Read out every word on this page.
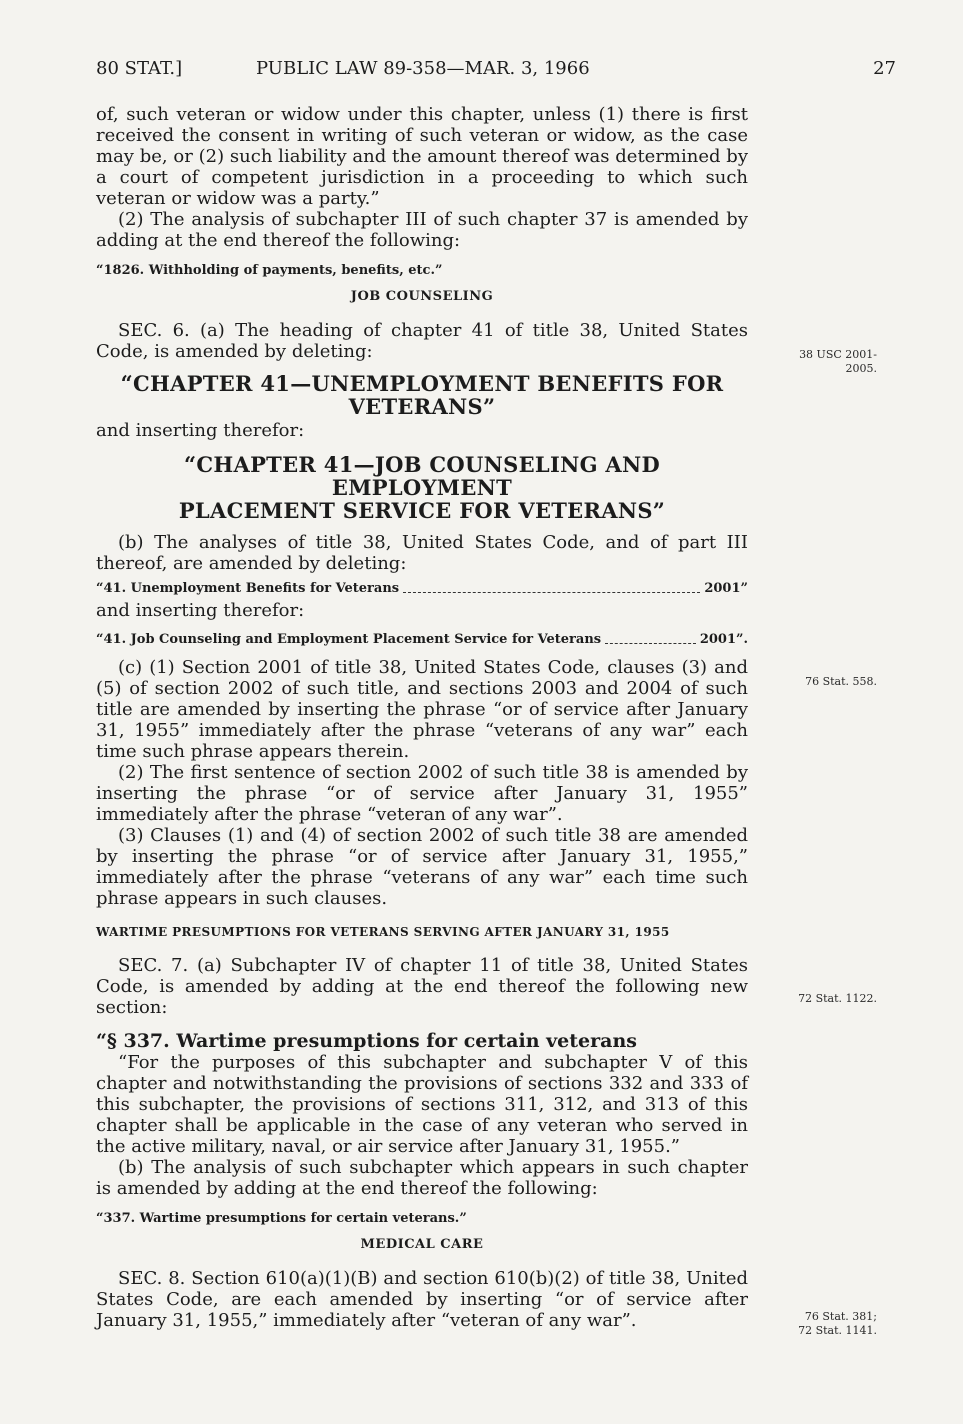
80 STAT.]	PUBLIC LAW 89-358—MAR. 3, 1966	27

of, such veteran or widow under this chapter, unless (1) there is first received the consent in writing of such veteran or widow, as the case may be, or (2) such liability and the amount thereof was determined by a court of competent jurisdiction in a proceeding to which such veteran or widow was a party.”

(2) The analysis of subchapter III of such chapter 37 is amended by adding at the end thereof the following:

“1826. Withholding of payments, benefits, etc.”

JOB COUNSELING

SEC. 6. (a) The heading of chapter 41 of title 38, United States Code, is amended by deleting:

“CHAPTER 41—UNEMPLOYMENT BENEFITS FOR
VETERANS”

and inserting therefor:

“CHAPTER 41—JOB COUNSELING AND EMPLOYMENT
PLACEMENT SERVICE FOR VETERANS”

(b) The analyses of title 38, United States Code, and of part III thereof, are amended by deleting:

“41. Unemployment Benefits for Veterans	2001”

and inserting therefor:

“41. Job Counseling and Employment Placement Service for Veterans	2001”.

(c) (1) Section 2001 of title 38, United States Code, clauses (3) and (5) of section 2002 of such title, and sections 2003 and 2004 of such title are amended by inserting the phrase “or of service after January 31, 1955” immediately after the phrase “veterans of any war” each time such phrase appears therein.

(2) The first sentence of section 2002 of such title 38 is amended by inserting the phrase “or of service after January 31, 1955” immediately after the phrase “veteran of any war”.

(3) Clauses (1) and (4) of section 2002 of such title 38 are amended by inserting the phrase “or of service after January 31, 1955,” immediately after the phrase “veterans of any war” each time such phrase appears in such clauses.

WARTIME PRESUMPTIONS FOR VETERANS SERVING AFTER JANUARY 31, 1955

SEC. 7. (a) Subchapter IV of chapter 11 of title 38, United States Code, is amended by adding at the end thereof the following new section:

“§ 337. Wartime presumptions for certain veterans

“For the purposes of this subchapter and subchapter V of this chapter and notwithstanding the provisions of sections 332 and 333 of this subchapter, the provisions of sections 311, 312, and 313 of this chapter shall be applicable in the case of any veteran who served in the active military, naval, or air service after January 31, 1955.”

(b) The analysis of such subchapter which appears in such chapter is amended by adding at the end thereof the following:

“337. Wartime presumptions for certain veterans.”

MEDICAL CARE

SEC. 8. Section 610(a)(1)(B) and section 610(b)(2) of title 38, United States Code, are each amended by inserting “or of service after January 31, 1955,” immediately after “veteran of any war”.

38 USC 2001-
2005.
76 Stat. 558.
72 Stat. 1122.
76 Stat. 381;
72 Stat. 1141.
